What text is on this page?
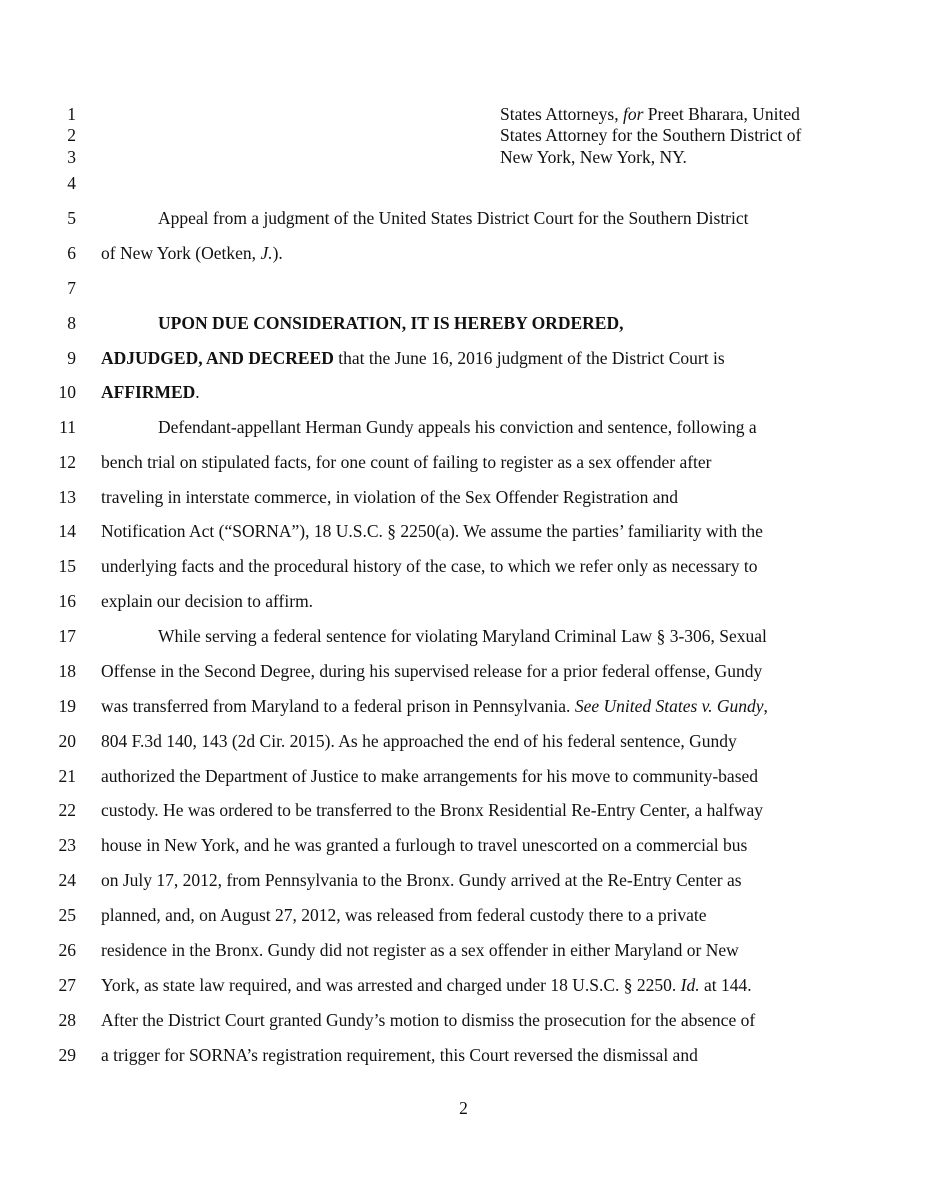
1
2
3
4
5
6
7
8
9
10
11
12
13
14
15
16
17
18
19
20
21
22
23
24
25
26
27
28
29
States Attorneys, for Preet Bharara, United
States Attorney for the Southern District of
New York, New York, NY.
Appeal from a judgment of the United States District Court for the Southern District
of New York (Oetken, J.).
UPON DUE CONSIDERATION, IT IS HEREBY ORDERED,
ADJUDGED, AND DECREED that the June 16, 2016 judgment of the District Court is
AFFIRMED.
Defendant-appellant Herman Gundy appeals his conviction and sentence, following a
bench trial on stipulated facts, for one count of failing to register as a sex offender after
traveling in interstate commerce, in violation of the Sex Offender Registration and
Notification Act (“SORNA”), 18 U.S.C. § 2250(a). We assume the parties’ familiarity with the
underlying facts and the procedural history of the case, to which we refer only as necessary to
explain our decision to affirm.
While serving a federal sentence for violating Maryland Criminal Law § 3-306, Sexual
Offense in the Second Degree, during his supervised release for a prior federal offense, Gundy
was transferred from Maryland to a federal prison in Pennsylvania. See United States v. Gundy,
804 F.3d 140, 143 (2d Cir. 2015). As he approached the end of his federal sentence, Gundy
authorized the Department of Justice to make arrangements for his move to community-based
custody. He was ordered to be transferred to the Bronx Residential Re-Entry Center, a halfway
house in New York, and he was granted a furlough to travel unescorted on a commercial bus
on July 17, 2012, from Pennsylvania to the Bronx. Gundy arrived at the Re-Entry Center as
planned, and, on August 27, 2012, was released from federal custody there to a private
residence in the Bronx. Gundy did not register as a sex offender in either Maryland or New
York, as state law required, and was arrested and charged under 18 U.S.C. § 2250. Id. at 144.
After the District Court granted Gundy’s motion to dismiss the prosecution for the absence of
a trigger for SORNA’s registration requirement, this Court reversed the dismissal and
2
